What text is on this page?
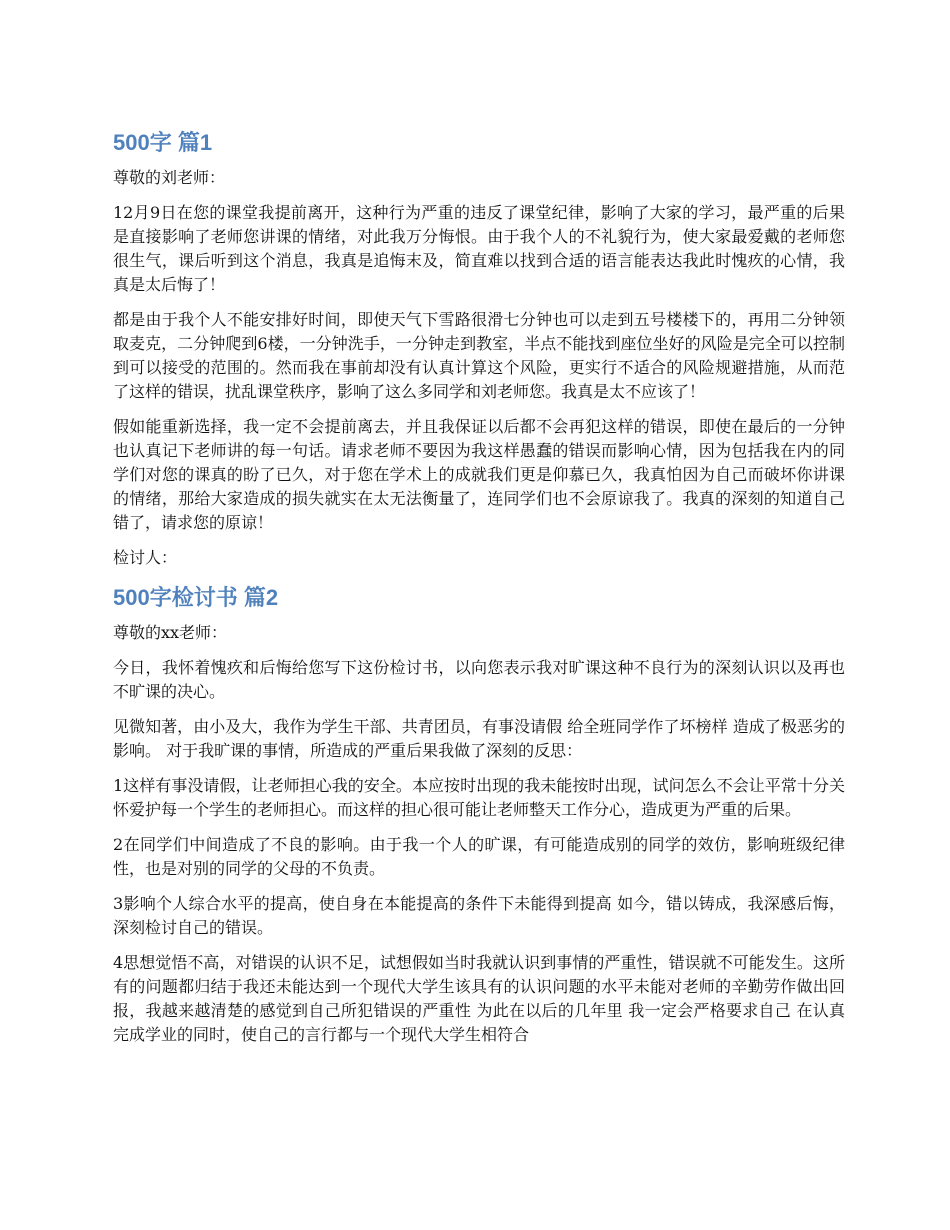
500字 篇1

尊敬的刘老师：

12月9日在您的课堂我提前离开，这种行为严重的违反了课堂纪律，影响了大家的学习，最严重的后果是直接影响了老师您讲课的情绪，对此我万分悔恨。由于我个人的不礼貌行为，使大家最爱戴的老师您很生气，课后听到这个消息，我真是追悔末及，简直难以找到合适的语言能表达我此时愧疚的心情，我真是太后悔了！

都是由于我个人不能安排好时间，即使天气下雪路很滑七分钟也可以走到五号楼楼下的，再用二分钟领取麦克，二分钟爬到6楼，一分钟洗手，一分钟走到教室，半点不能找到座位坐好的风险是完全可以控制到可以接受的范围的。然而我在事前却没有认真计算这个风险，更实行不适合的风险规避措施，从而范了这样的错误，扰乱课堂秩序，影响了这么多同学和刘老师您。我真是太不应该了！

假如能重新选择，我一定不会提前离去，并且我保证以后都不会再犯这样的错误，即使在最后的一分钟也认真记下老师讲的每一句话。请求老师不要因为我这样愚蠢的错误而影响心情，因为包括我在内的同学们对您的课真的盼了已久，对于您在学术上的成就我们更是仰慕已久，我真怕因为自己而破坏你讲课的情绪，那给大家造成的损失就实在太无法衡量了，连同学们也不会原谅我了。我真的深刻的知道自己错了，请求您的原谅！

检讨人：

500字检讨书 篇2

尊敬的xx老师：

今日，我怀着愧疚和后悔给您写下这份检讨书，以向您表示我对旷课这种不良行为的深刻认识以及再也不旷课的决心。

见微知著，由小及大，我作为学生干部、共青团员，有事没请假 给全班同学作了坏榜样 造成了极恶劣的影响。 对于我旷课的事情，所造成的严重后果我做了深刻的反思：

1这样有事没请假，让老师担心我的安全。本应按时出现的我未能按时出现，试问怎么不会让平常十分关怀爱护每一个学生的老师担心。而这样的担心很可能让老师整天工作分心，造成更为严重的后果。

2在同学们中间造成了不良的影响。由于我一个人的旷课，有可能造成别的同学的效仿，影响班级纪律性，也是对别的同学的父母的不负责。

3影响个人综合水平的提高，使自身在本能提高的条件下未能得到提高 如今，错以铸成，我深感后悔，深刻检讨自己的错误。

4思想觉悟不高，对错误的认识不足，试想假如当时我就认识到事情的严重性，错误就不可能发生。这所有的问题都归结于我还未能达到一个现代大学生该具有的认识问题的水平未能对老师的辛勤劳作做出回报，我越来越清楚的感觉到自己所犯错误的严重性 为此在以后的几年里 我一定会严格要求自己 在认真完成学业的同时，使自己的言行都与一个现代大学生相符合
